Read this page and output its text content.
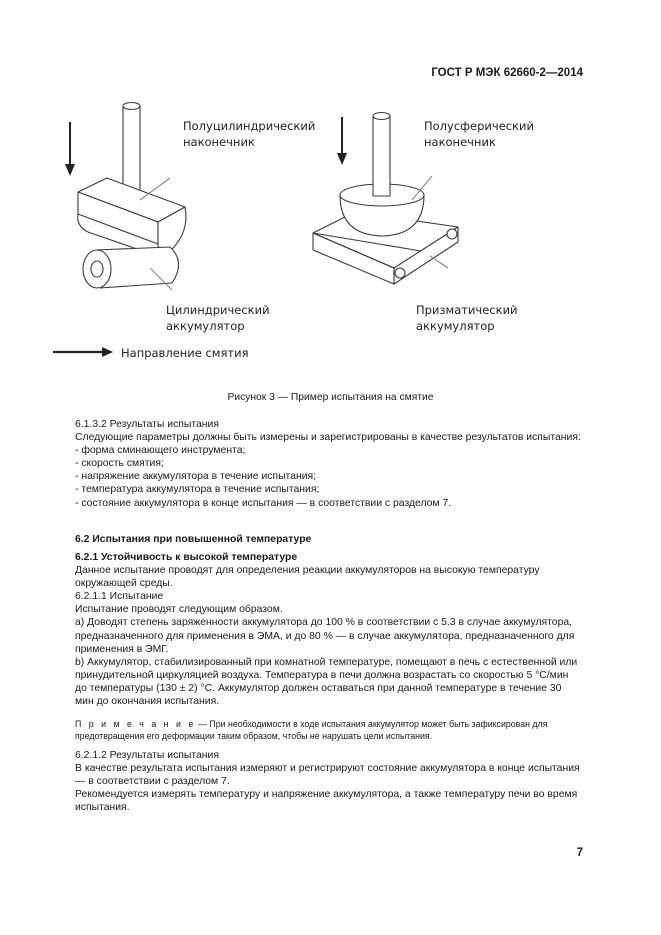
ГОСТ Р МЭК 62660-2—2014
Полуцилиндрический
наконечник
Полусферический
наконечник
Цилиндрический
аккумулятор
Призматический
аккумулятор
Направление смятия
Рисунок 3 — Пример испытания на смятие

6.1.3.2 Результаты испытания

Следующие параметры должны быть измерены и зарегистрированы в качестве результатов испытания:

- форма сминающего инструмента;

- скорость смятия;

- напряжение аккумулятора в течение испытания;

- температура аккумулятора в течение испытания;

- состояние аккумулятора в конце испытания — в соответствии с разделом 7.

6.2 Испытания при повышенной температуре

6.2.1 Устойчивость к высокой температуре

Данное испытание проводят для определения реакции аккумуляторов на высокую температуру окружающей среды.

6.2.1.1 Испытание

Испытание проводят следующим образом.

a) Доводят степень заряженности аккумулятора до 100 % в соответствии с 5.3 в случае аккумулятора, предназначенного для применения в ЭМА, и до 80 % — в случае аккумулятора, предназначенного для применения в ЭМГ.

b) Аккумулятор, стабилизированный при комнатной температуре, помещают в печь с естественной или принудительной циркуляцией воздуха. Температура в печи должна возрастать со скоростью 5 °C/мин до температуры (130 ± 2) °C. Аккумулятор должен оставаться при данной температуре в течение 30 мин до окончания испытания.

П р и м е ч а н и е — При необходимости в ходе испытания аккумулятор может быть зафиксирован для предотвращения его деформации таким образом, чтобы не нарушать цели испытания.

6.2.1.2 Результаты испытания

В качестве результата испытания измеряют и регистрируют состояние аккумулятора в конце испытания — в соответствии с разделом 7.

Рекомендуется измерять температуру и напряжение аккумулятора, а также температуру печи во время испытания.

7
